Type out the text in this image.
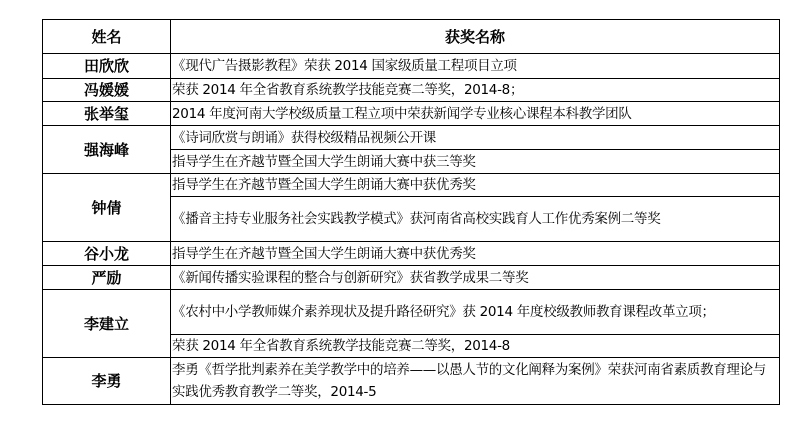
姓名	获奖名称
田欣欣	《现代广告摄影教程》荣获 2014 国家级质量工程项目立项
冯媛媛	荣获 2014 年全省教育系统教学技能竞赛二等奖，2014-8；
张举玺	2014 年度河南大学校级质量工程立项中荣获新闻学专业核心课程本科教学团队
强海峰	《诗词欣赏与朗诵》获得校级精品视频公开课
	指导学生在齐越节暨全国大学生朗诵大赛中获三等奖
钟倩	指导学生在齐越节暨全国大学生朗诵大赛中获优秀奖
	《播音主持专业服务社会实践教学模式》获河南省高校实践育人工作优秀案例二等奖
谷小龙	指导学生在齐越节暨全国大学生朗诵大赛中获优秀奖
严励	《新闻传播实验课程的整合与创新研究》获省教学成果二等奖
李建立	《农村中小学教师媒介素养现状及提升路径研究》获 2014 年度校级教师教育课程改革立项；
	荣获 2014 年全省教育系统教学技能竞赛二等奖，2014-8
李勇	李勇《哲学批判素养在美学教学中的培养——以愚人节的文化阐释为案例》荣获河南省素质教育理论与实践优秀教育教学二等奖，2014-5
